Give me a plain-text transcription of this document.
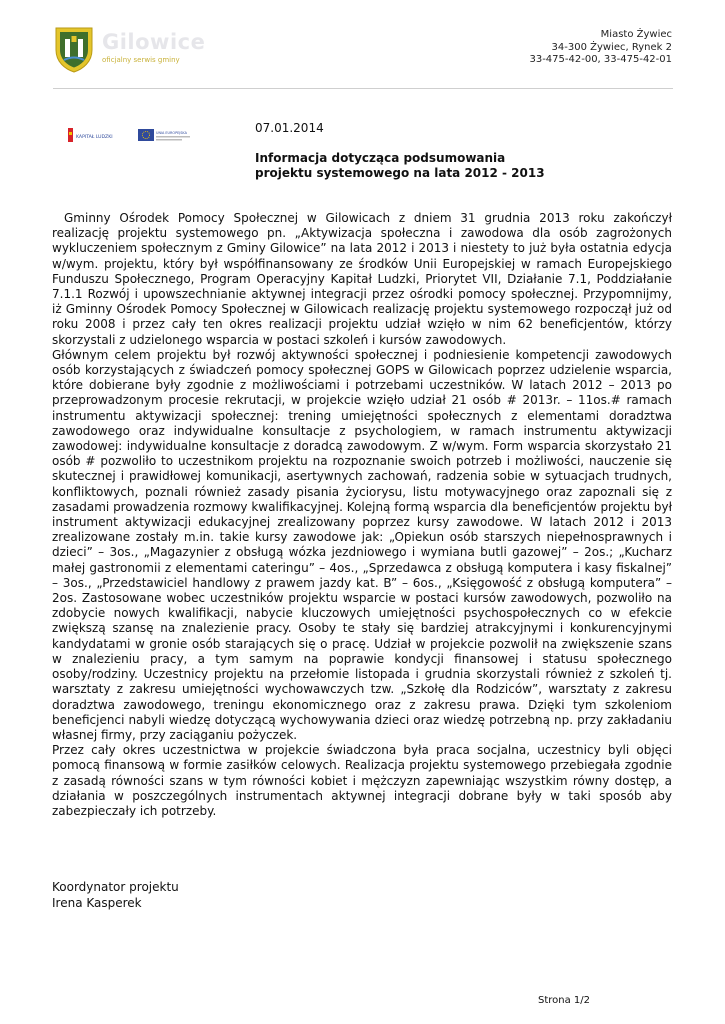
Gilowice
oficjalny serwis gminy
Miasto Żywiec
34-300 Żywiec, Rynek 2
33-475-42-00, 33-475-42-01
KAPITAŁ LUDZKI
UNIA EUROPEJSKA	07.01.2014
Informacja dotycząca podsumowania
projektu systemowego na lata 2012 - 2013

Gminny Ośrodek Pomocy Społecznej w Gilowicach z dniem 31 grudnia 2013 roku zakończył realizację projektu systemowego pn. „Aktywizacja społeczna i zawodowa dla osób zagrożonych wykluczeniem społecznym z Gminy Gilowice” na lata 2012 i 2013 i niestety to już była ostatnia edycja w/wym. projektu, który był współfinansowany ze środków Unii Europejskiej w ramach Europejskiego Funduszu Społecznego, Program Operacyjny Kapitał Ludzki, Priorytet VII, Działanie 7.1, Poddziałanie 7.1.1 Rozwój i upowszechnianie aktywnej integracji przez ośrodki pomocy społecznej. Przypomnijmy, iż Gminny Ośrodek Pomocy Społecznej w Gilowicach realizację projektu systemowego rozpoczął już od roku 2008 i przez cały ten okres realizacji projektu udział wzięło w nim 62 beneficjentów, którzy skorzystali z udzielonego wsparcia w postaci szkoleń i kursów zawodowych.

Głównym celem projektu był rozwój aktywności społecznej i podniesienie kompetencji zawodowych osób korzystających z świadczeń pomocy społecznej GOPS w Gilowicach poprzez udzielenie wsparcia, które dobierane były zgodnie z możliwościami i potrzebami uczestników. W latach 2012 – 2013 po przeprowadzonym procesie rekrutacji, w projekcie wzięło udział 21 osób # 2013r. – 11os.# ramach instrumentu aktywizacji społecznej: trening umiejętności społecznych z elementami doradztwa zawodowego oraz indywidualne konsultacje z psychologiem, w ramach instrumentu aktywizacji zawodowej: indywidualne konsultacje z doradcą zawodowym. Z w/wym. Form wsparcia skorzystało 21 osób # pozwoliło to uczestnikom projektu na rozpoznanie swoich potrzeb i możliwości, nauczenie się skutecznej i prawidłowej komunikacji, asertywnych zachowań, radzenia sobie w sytuacjach trudnych, konfliktowych, poznali również zasady pisania życiorysu, listu motywacyjnego oraz zapoznali się z zasadami prowadzenia rozmowy kwalifikacyjnej. Kolejną formą wsparcia dla beneficjentów projektu był instrument aktywizacji edukacyjnej zrealizowany poprzez kursy zawodowe. W latach 2012 i 2013 zrealizowane zostały m.in. takie kursy zawodowe jak: „Opiekun osób starszych niepełnosprawnych i dzieci” – 3os., „Magazynier z obsługą wózka jezdniowego i wymiana butli gazowej” – 2os.; „Kucharz małej gastronomii z elementami cateringu” – 4os., „Sprzedawca z obsługą komputera i kasy fiskalnej” – 3os., „Przedstawiciel handlowy z prawem jazdy kat. B” – 6os., „Księgowość z obsługą komputera” – 2os. Zastosowane wobec uczestników projektu wsparcie w postaci kursów zawodowych, pozwoliło na zdobycie nowych kwalifikacji, nabycie kluczowych umiejętności psychospołecznych co w efekcie zwiększą szansę na znalezienie pracy. Osoby te stały się bardziej atrakcyjnymi i konkurencyjnymi kandydatami w gronie osób starających się o pracę. Udział w projekcie pozwolił na zwiększenie szans w znalezieniu pracy, a tym samym na poprawie kondycji finansowej i statusu społecznego osoby/rodziny. Uczestnicy projektu na przełomie listopada i grudnia skorzystali również z szkoleń tj. warsztaty z zakresu umiejętności wychowawczych tzw. „Szkołę dla Rodziców”, warsztaty z zakresu doradztwa zawodowego, treningu ekonomicznego oraz z zakresu prawa. Dzięki tym szkoleniom beneficjenci nabyli wiedzę dotyczącą wychowywania dzieci oraz wiedzę potrzebną np. przy zakładaniu własnej firmy, przy zaciąganiu pożyczek.

Przez cały okres uczestnictwa w projekcie świadczona była praca socjalna, uczestnicy byli objęci pomocą finansową w formie zasiłków celowych. Realizacja projektu systemowego przebiegała zgodnie z zasadą równości szans w tym równości kobiet i mężczyzn zapewniając wszystkim równy dostęp, a działania w poszczególnych instrumentach aktywnej integracji dobrane były w taki sposób aby zabezpieczały ich potrzeby.

Koordynator projektu
Irena Kasperek
Strona 1/2
